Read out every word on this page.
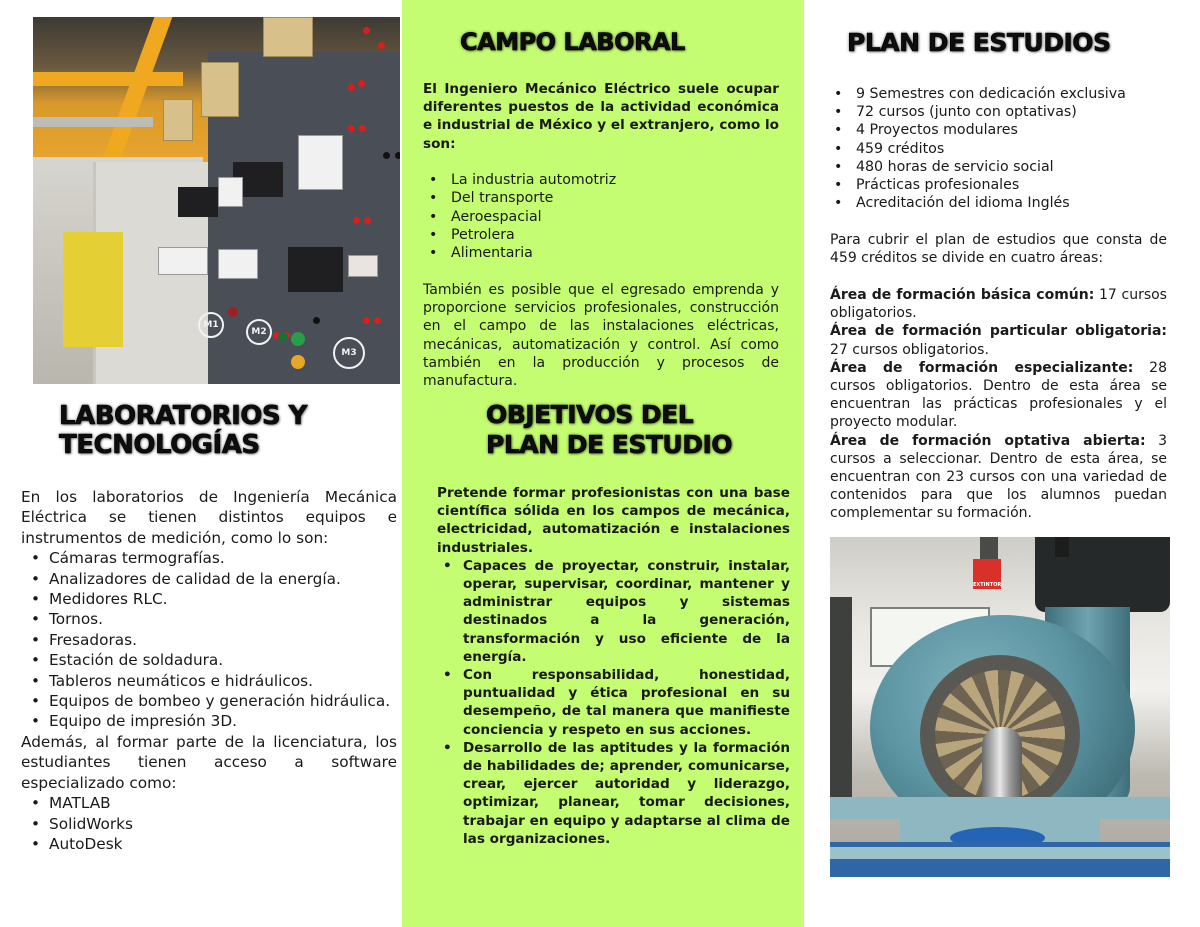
M1
M2
M3
LABORATORIOS Y
TECNOLOGÍAS

En los laboratorios de Ingeniería Mecánica Eléctrica se tienen distintos equipos e instrumentos de medición, como lo son:

• Cámaras termografías.
• Analizadores de calidad de la energía.
• Medidores RLC.
• Tornos.
• Fresadoras.
• Estación de soldadura.
• Tableros neumáticos e hidráulicos.
• Equipos de bombeo y generación hidráulica.
• Equipo de impresión 3D.

Además, al formar parte de la licenciatura, los estudiantes tienen acceso a software especializado como:

• MATLAB
• SolidWorks
• AutoDesk
CAMPO LABORAL

El Ingeniero Mecánico Eléctrico suele ocupar diferentes puestos de la actividad económica e industrial de México y el extranjero, como lo son:

• La industria automotriz
• Del transporte
• Aeroespacial
• Petrolera
• Alimentaria

También es posible que el egresado emprenda y proporcione servicios profesionales, construcción en el campo de las instalaciones eléctricas, mecánicas, automatización y control. Así como también en la producción y procesos de manufactura.

OBJETIVOS DEL
PLAN DE ESTUDIO

Pretende formar profesionistas con una base científica sólida en los campos de mecánica, electricidad, automatización e instalaciones industriales.

• Capaces de proyectar, construir, instalar, operar, supervisar, coordinar, mantener y administrar equipos y sistemas destinados a la generación, transformación y uso eficiente de la energía.
• Con responsabilidad, honestidad, puntualidad y ética profesional en su desempeño, de tal manera que manifieste conciencia y respeto en sus acciones.
• Desarrollo de las aptitudes y la formación de habilidades de; aprender, comunicarse, crear, ejercer autoridad y liderazgo, optimizar, planear, tomar decisiones, trabajar en equipo y adaptarse al clima de las organizaciones.
PLAN DE ESTUDIOS
• 9 Semestres con dedicación exclusiva
• 72 cursos (junto con optativas)
• 4 Proyectos modulares
• 459 créditos
• 480 horas de servicio social
• Prácticas profesionales
• Acreditación del idioma Inglés

Para cubrir el plan de estudios que consta de 459 créditos se divide en cuatro áreas:

Área de formación básica común: 17 cursos obligatorios.

Área de formación particular obligatoria: 27 cursos obligatorios.

Área de formación especializante: 28 cursos obligatorios. Dentro de esta área se encuentran las prácticas profesionales y el proyecto modular.

Área de formación optativa abierta: 3 cursos a seleccionar. Dentro de esta área, se encuentran con 23 cursos con una variedad de contenidos para que los alumnos puedan complementar su formación.

EXTINTOR
